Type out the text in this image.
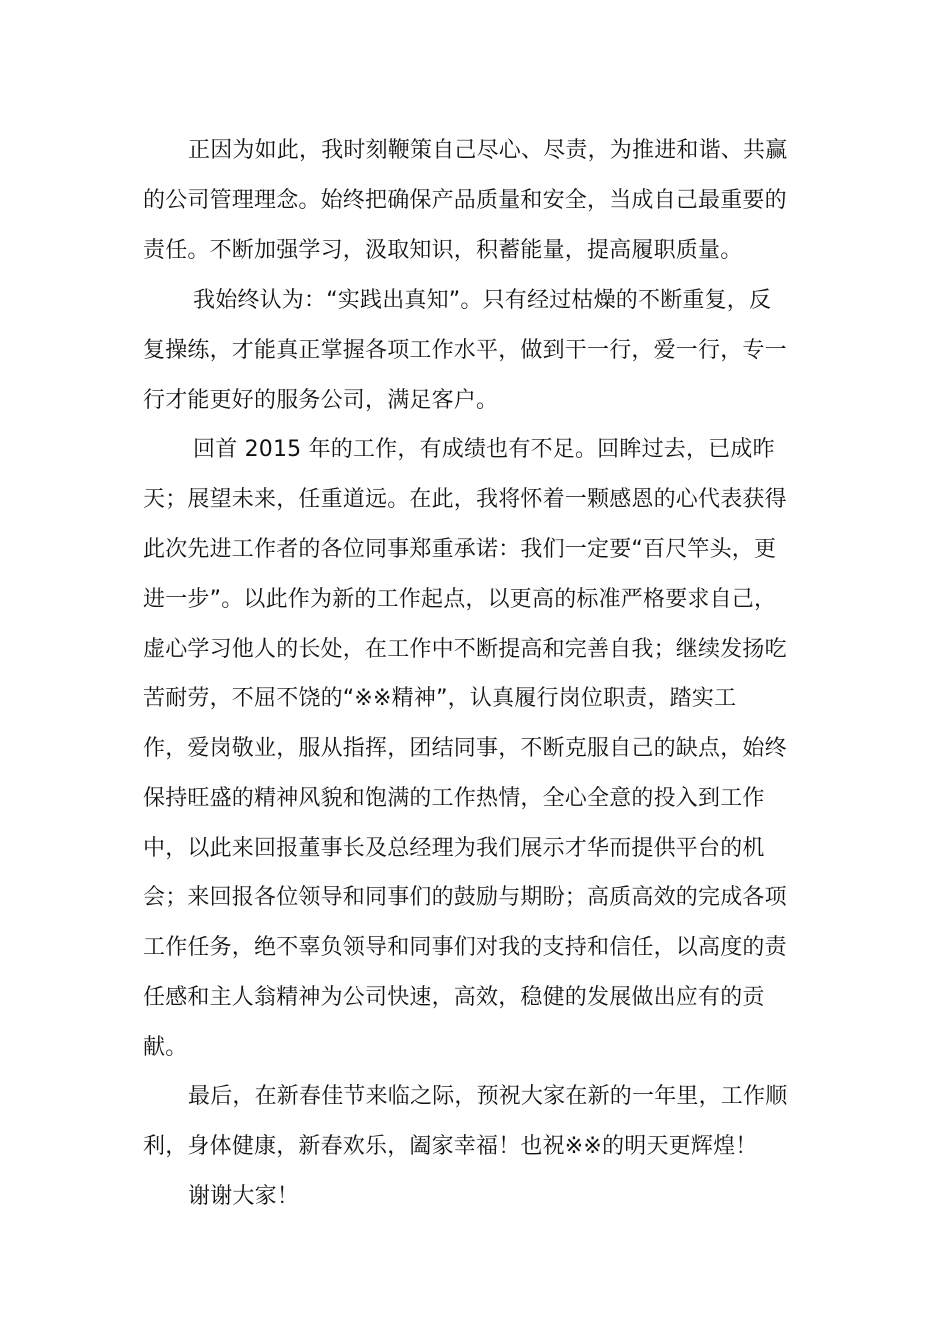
正因为如此，我时刻鞭策自己尽心、尽责，为推进和谐、共赢
的公司管理理念。始终把确保产品质量和安全，当成自己最重要的
责任。不断加强学习，汲取知识，积蓄能量，提高履职质量。
我始终认为：“实践出真知”。只有经过枯燥的不断重复，反
复操练，才能真正掌握各项工作水平，做到干一行，爱一行，专一
行才能更好的服务公司，满足客户。
回首 2015 年的工作，有成绩也有不足。回眸过去，已成昨
天；展望未来，任重道远。在此，我将怀着一颗感恩的心代表获得
此次先进工作者的各位同事郑重承诺：我们一定要“百尺竿头，更
进一步”。以此作为新的工作起点，以更高的标准严格要求自己，
虚心学习他人的长处，在工作中不断提高和完善自我；继续发扬吃
苦耐劳，不屈不饶的“※※精神”，认真履行岗位职责，踏实工
作，爱岗敬业，服从指挥，团结同事，不断克服自己的缺点，始终
保持旺盛的精神风貌和饱满的工作热情，全心全意的投入到工作
中，以此来回报董事长及总经理为我们展示才华而提供平台的机
会；来回报各位领导和同事们的鼓励与期盼；高质高效的完成各项
工作任务，绝不辜负领导和同事们对我的支持和信任，以高度的责
任感和主人翁精神为公司快速，高效，稳健的发展做出应有的贡
献。
最后，在新春佳节来临之际，预祝大家在新的一年里，工作顺
利，身体健康，新春欢乐，阖家幸福！也祝※※的明天更辉煌！
谢谢大家！
